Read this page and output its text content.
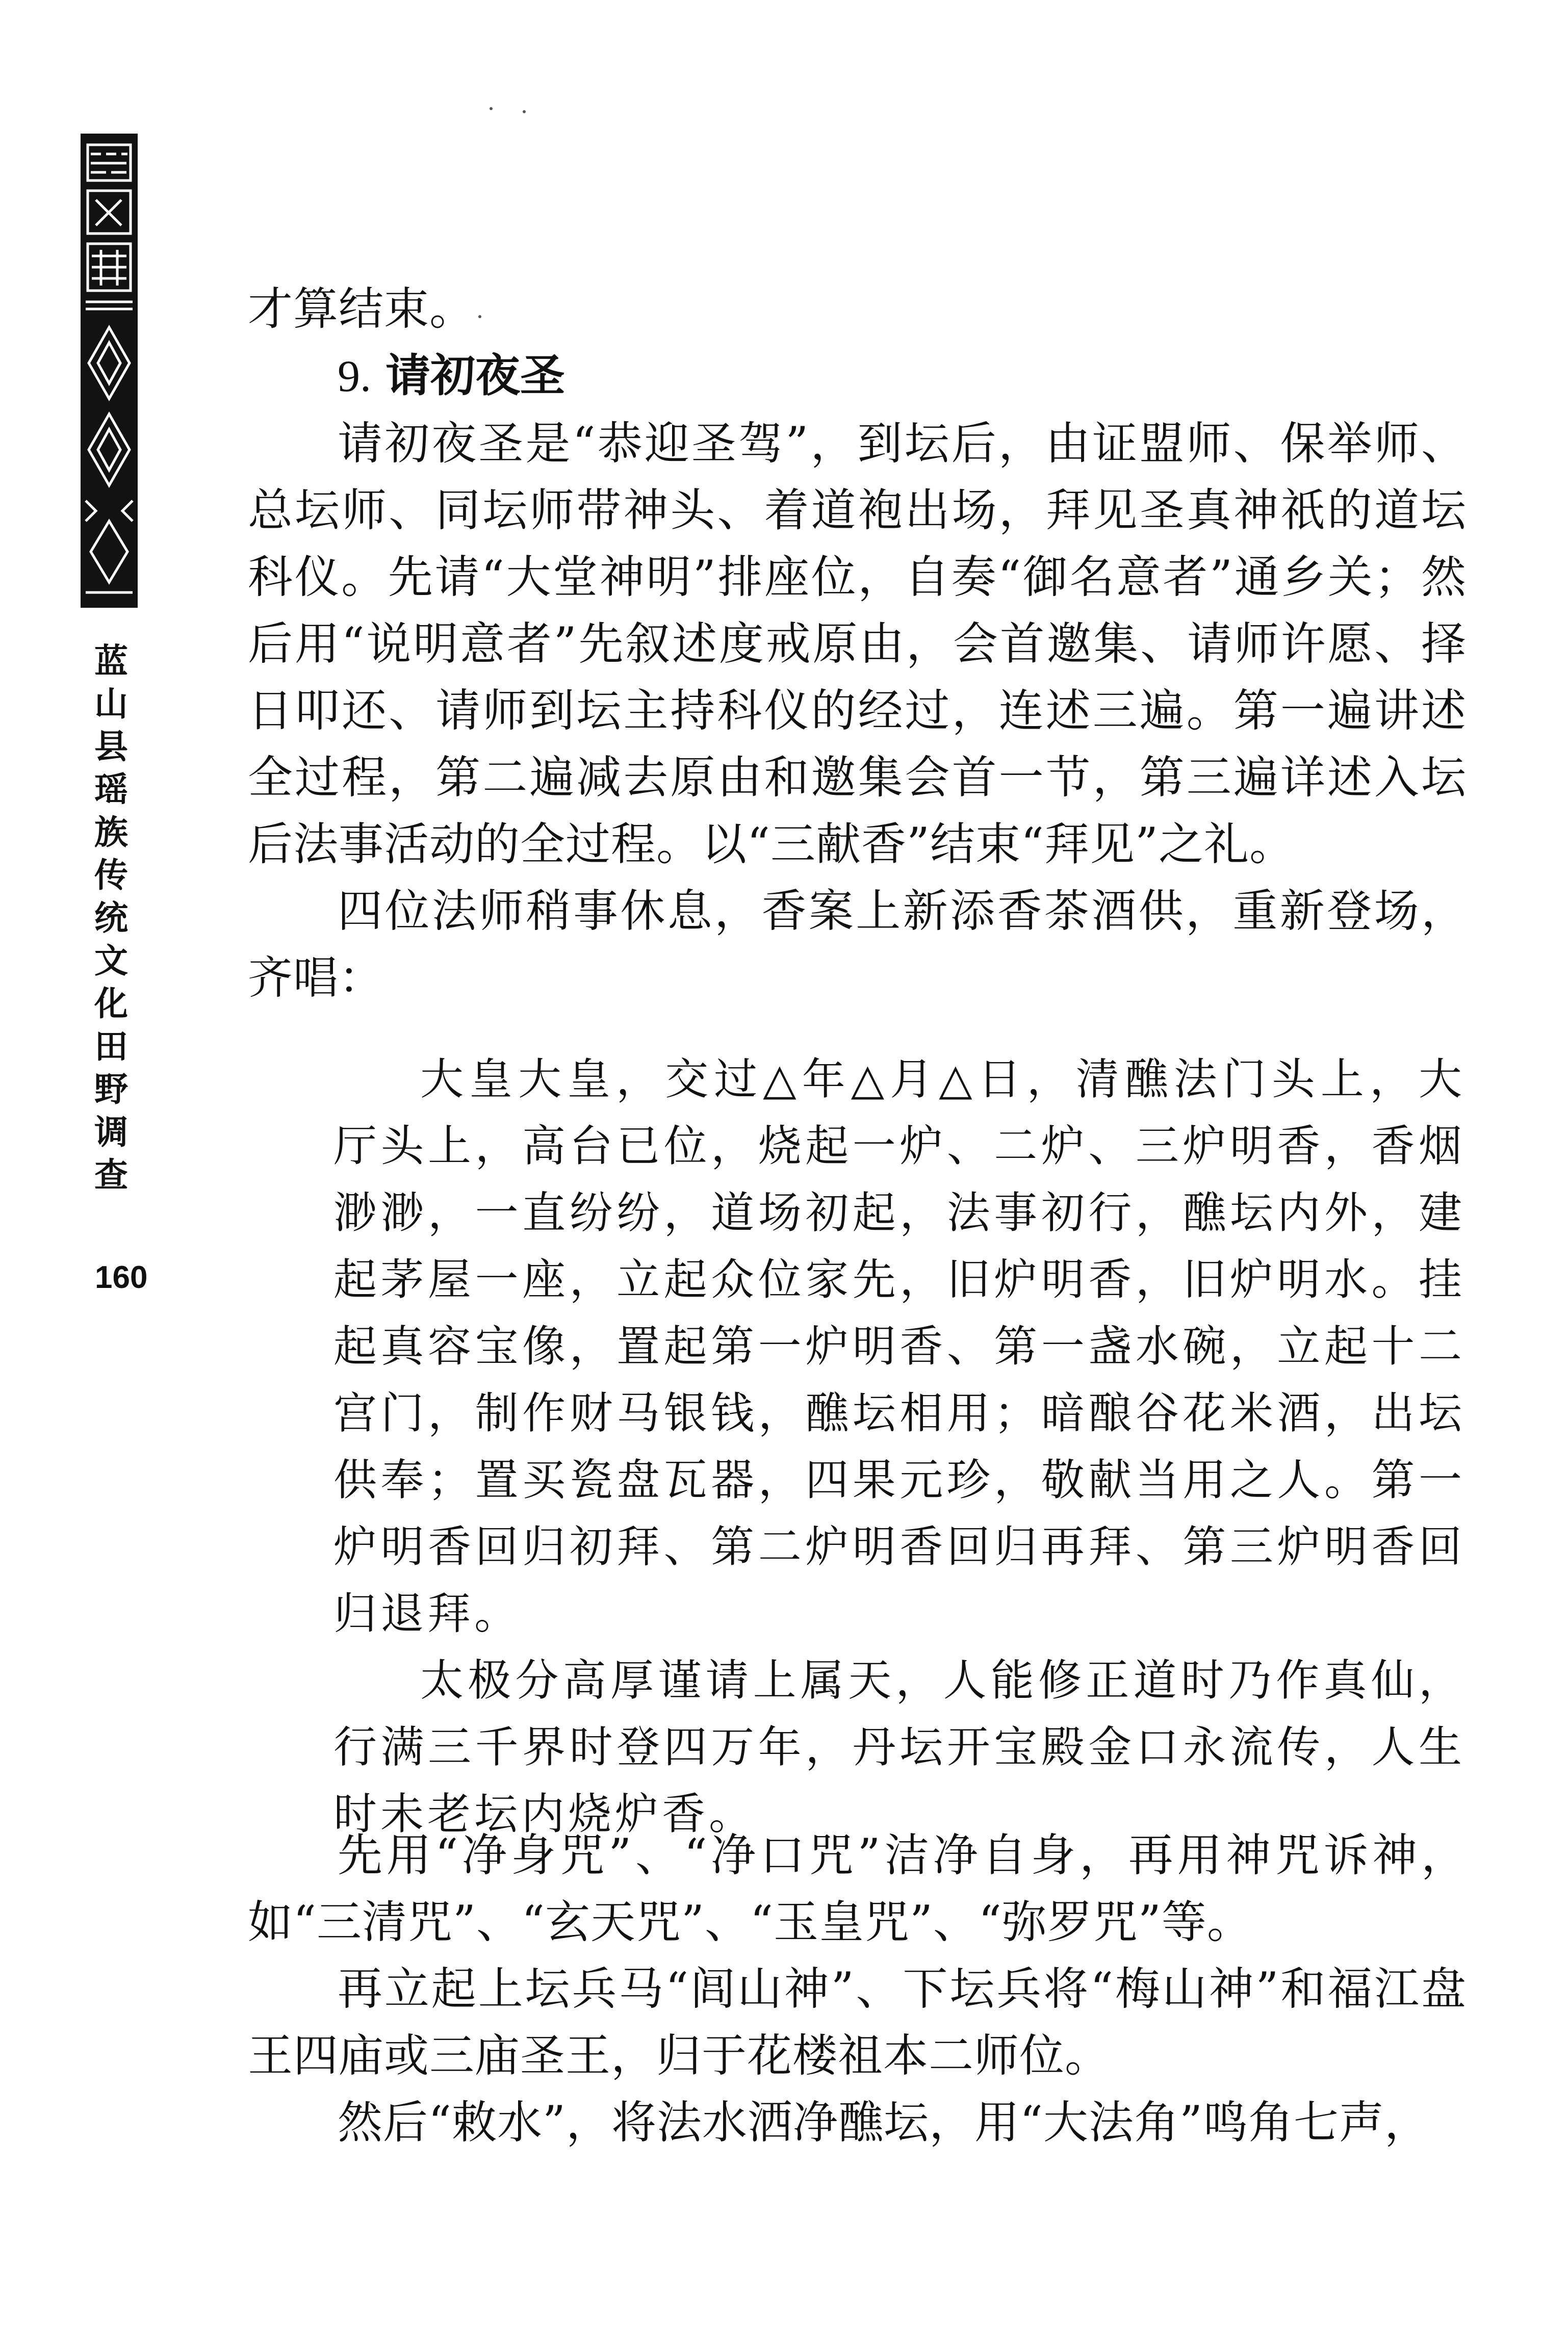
蓝山县瑶族传统文化田野调查
160

才算结束。

9. 请初夜圣

请初夜圣是“恭迎圣驾”，到坛后，由证盟师、保举师、总坛师、同坛师带神头、着道袍出场，拜见圣真神祇的道坛科仪。先请“大堂神明”排座位，自奏“御名意者”通乡关；然后用“说明意者”先叙述度戒原由，会首邀集、请师许愿、择日叩还、请师到坛主持科仪的经过，连述三遍。第一遍讲述全过程，第二遍减去原由和邀集会首一节，第三遍详述入坛后法事活动的全过程。以“三献香”结束“拜见”之礼。

四位法师稍事休息，香案上新添香茶酒供，重新登场，齐唱：

大皇大皇，交过△年△月△日，清醮法门头上，大厅头上，高台已位，烧起一炉、二炉、三炉明香，香烟渺渺，一直纷纷，道场初起，法事初行，醮坛内外，建起茅屋一座，立起众位家先，旧炉明香，旧炉明水。挂起真容宝像，置起第一炉明香、第一盏水碗，立起十二宫门，制作财马银钱，醮坛相用；暗酿谷花米酒，出坛供奉；置买瓷盘瓦器，四果元珍，敬献当用之人。第一炉明香回归初拜、第二炉明香回归再拜、第三炉明香回归退拜。

太极分高厚谨请上属天，人能修正道时乃作真仙，行满三千界时登四万年，丹坛开宝殿金口永流传，人生时未老坛内烧炉香。

先用“净身咒”、“净口咒”洁净自身，再用神咒诉神，如“三清咒”、“玄天咒”、“玉皇咒”、“弥罗咒”等。

再立起上坛兵马“闾山神”、下坛兵将“梅山神”和福江盘王四庙或三庙圣王，归于花楼祖本二师位。

然后“敕水”，将法水洒净醮坛，用“大法角”鸣角七声，
